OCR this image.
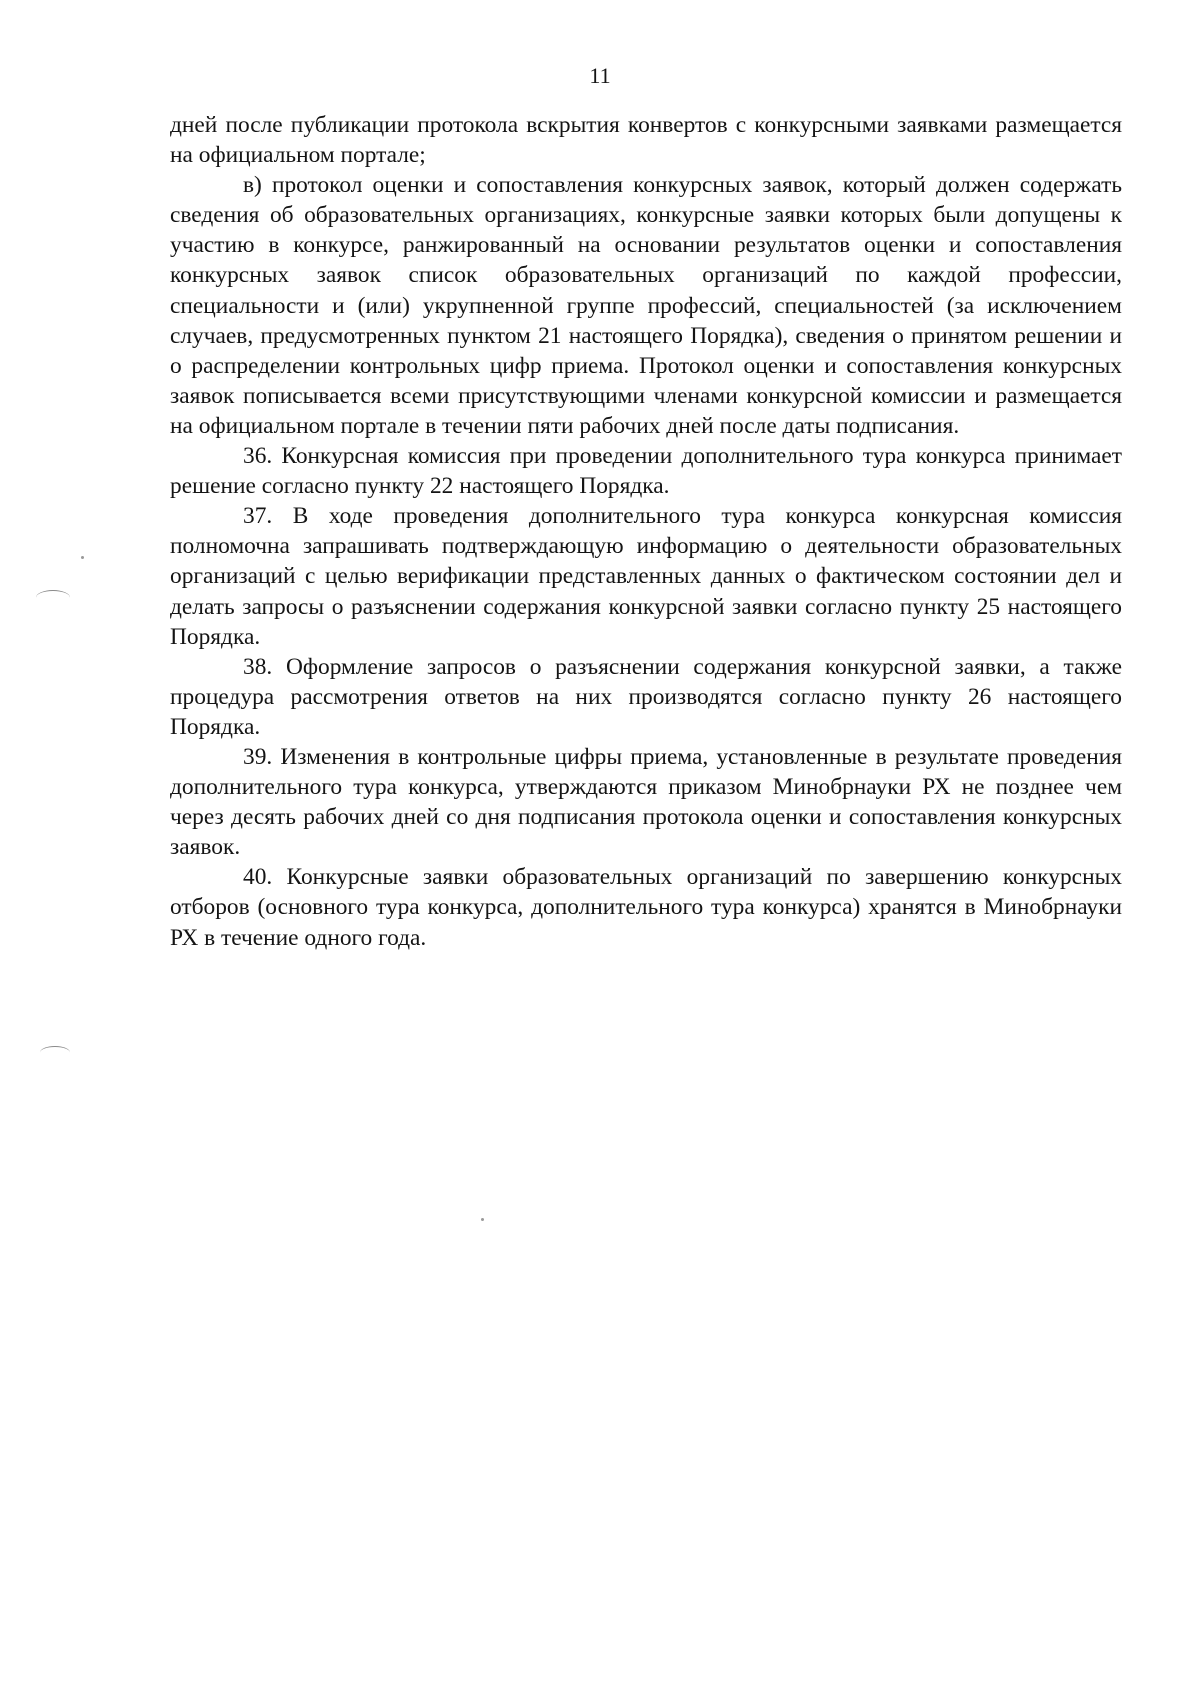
11

дней после публикации протокола вскрытия конвертов с конкурсными заявками размещается на официальном портале;

в) протокол оценки и сопоставления конкурсных заявок, который должен содержать сведения об образовательных организациях, конкурсные заявки которых были допущены к участию в конкурсе, ранжированный на основании результатов оценки и сопоставления конкурсных заявок список образовательных организаций по каждой профессии, специальности и (или) укрупненной группе профессий, специальностей (за исключением случаев, предусмотренных пунктом 21 настоящего Порядка), сведения о принятом решении и о распределении контрольных цифр приема. Протокол оценки и сопоставления конкурсных заявок пописывается всеми присутствующими членами конкурсной комиссии и размещается на официальном портале в течении пяти рабочих дней после даты подписания.

36. Конкурсная комиссия при проведении дополнительного тура конкурса принимает решение согласно пункту 22 настоящего Порядка.

37. В ходе проведения дополнительного тура конкурса конкурсная комиссия полномочна запрашивать подтверждающую информацию о деятельности образовательных организаций с целью верификации представленных данных о фактическом состоянии дел и делать запросы о разъяснении содержания конкурсной заявки согласно пункту 25 настоящего Порядка.

38. Оформление запросов о разъяснении содержания конкурсной заявки, а также процедура рассмотрения ответов на них производятся согласно пункту 26 настоящего Порядка.

39. Изменения в контрольные цифры приема, установленные в результате проведения дополнительного тура конкурса, утверждаются приказом Минобрнауки РХ не позднее чем через десять рабочих дней со дня подписания протокола оценки и сопоставления конкурсных заявок.

40. Конкурсные заявки образовательных организаций по завершению конкурсных отборов (основного тура конкурса, дополнительного тура конкурса) хранятся в Минобрнауки РХ в течение одного года.
